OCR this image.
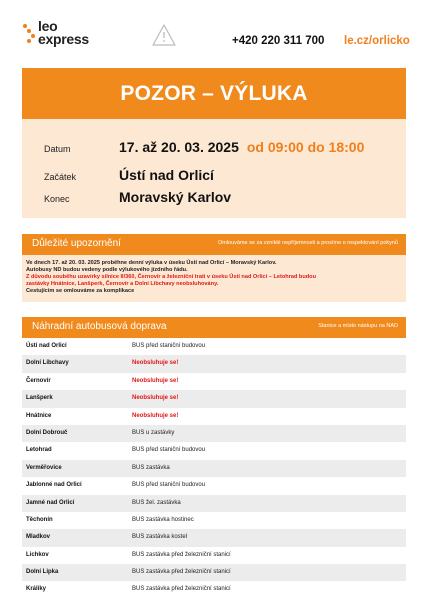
leo
express	+420 220 311 700 le.cz/orlicko
POZOR – VÝLUKA
Datum	17. až 20. 03. 2025 od 09:00 do 18:00
Začátek	Ústí nad Orlicí
Konec	Moravský Karlov
Důležité upozornění	Omlouváme se za vzniklé nepříjemnosti a prosíme o respektování pokynů

Ve dnech 17. až 20. 03. 2025 proběhne denní výluka v úseku Ústí nad Orlicí – Moravský Karlov.

Autobusy ND budou vedeny podle výlukového jízdního řádu.

Z důvodu souběhu uzavírky silnice II/360, Černovír a železniční trati v úseku Ústí nad Orlicí – Letohrad budou

zastávky Hnátnice, Lanšperk, Černovír a Dolní Libchavy neobsluhovány.

Cestujícím se omlouváme za komplikace

Náhradní autobusová doprava	Stanice a místo nástupu na NAD
Ústí nad Orlicí	BUS před staniční budovou
Dolní Libchavy	Neobsluhuje se!
Černovír	Neobsluhuje se!
Lanšperk	Neobsluhuje se!
Hnátnice	Neobsluhuje se!
Dolní Dobrouč	BUS u zastávky
Letohrad	BUS před staniční budovou
Verměřovice	BUS zastávka
Jablonné nad Orlicí	BUS před staniční budovou
Jamné nad Orlicí	BUS žel. zastávka
Těchonín	BUS zastávka hostinec
Mladkov	BUS zastávka kostel
Lichkov	BUS zastávka před železniční stanicí
Dolní Lipka	BUS zastávka před železniční stanicí
Králíky	BUS zastávka před železniční stanicí
